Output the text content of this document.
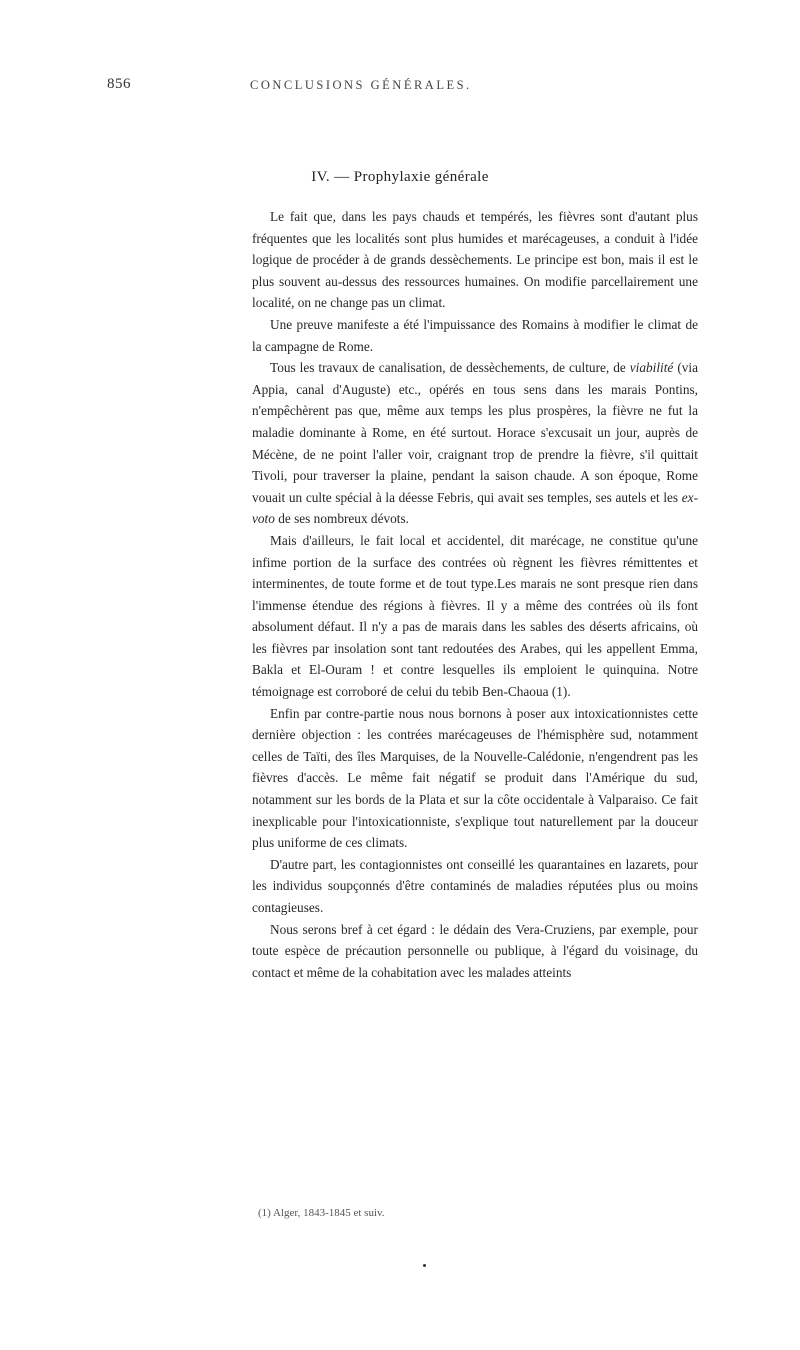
856	CONCLUSIONS GÉNÉRALES.
IV. — Prophylaxie générale

Le fait que, dans les pays chauds et tempérés, les fièvres sont d'autant plus fréquentes que les localités sont plus humides et marécageuses, a conduit à l'idée logique de procéder à de grands dessèchements. Le principe est bon, mais il est le plus souvent au-dessus des ressources humaines. On modifie parcellairement une localité, on ne change pas un climat.

Une preuve manifeste a été l'impuissance des Romains à modifier le climat de la campagne de Rome.

Tous les travaux de canalisation, de dessèchements, de culture, de viabilité (via Appia, canal d'Auguste) etc., opérés en tous sens dans les marais Pontins, n'empêchèrent pas que, même aux temps les plus prospères, la fièvre ne fut la maladie dominante à Rome, en été surtout. Horace s'excusait un jour, auprès de Mécène, de ne point l'aller voir, craignant trop de prendre la fièvre, s'il quittait Tivoli, pour traverser la plaine, pendant la saison chaude. A son époque, Rome vouait un culte spécial à la déesse Febris, qui avait ses temples, ses autels et les ex-voto de ses nombreux dévots.

Mais d'ailleurs, le fait local et accidentel, dit marécage, ne constitue qu'une infime portion de la surface des contrées où règnent les fièvres rémittentes et interminentes, de toute forme et de tout type.Les marais ne sont presque rien dans l'immense étendue des régions à fièvres. Il y a même des contrées où ils font absolument défaut. Il n'y a pas de marais dans les sables des déserts africains, où les fièvres par insolation sont tant redoutées des Arabes, qui les appellent Emma, Bakla et El-Ouram ! et contre lesquelles ils emploient le quinquina. Notre témoignage est corroboré de celui du tebib Ben-Chaoua (1).

Enfin par contre-partie nous nous bornons à poser aux intoxicationnistes cette dernière objection : les contrées marécageuses de l'hémisphère sud, notamment celles de Taïti, des îles Marquises, de la Nouvelle-Calédonie, n'engendrent pas les fièvres d'accès. Le même fait négatif se produit dans l'Amérique du sud, notamment sur les bords de la Plata et sur la côte occidentale à Valparaiso. Ce fait inexplicable pour l'intoxicationniste, s'explique tout naturellement par la douceur plus uniforme de ces climats.

D'autre part, les contagionnistes ont conseillé les quarantaines en lazarets, pour les individus soupçonnés d'être contaminés de maladies réputées plus ou moins contagieuses.

Nous serons bref à cet égard : le dédain des Vera-Cruziens, par exemple, pour toute espèce de précaution personnelle ou publique, à l'égard du voisinage, du contact et même de la cohabitation avec les malades atteints

(1) Alger, 1843-1845 et suiv.
